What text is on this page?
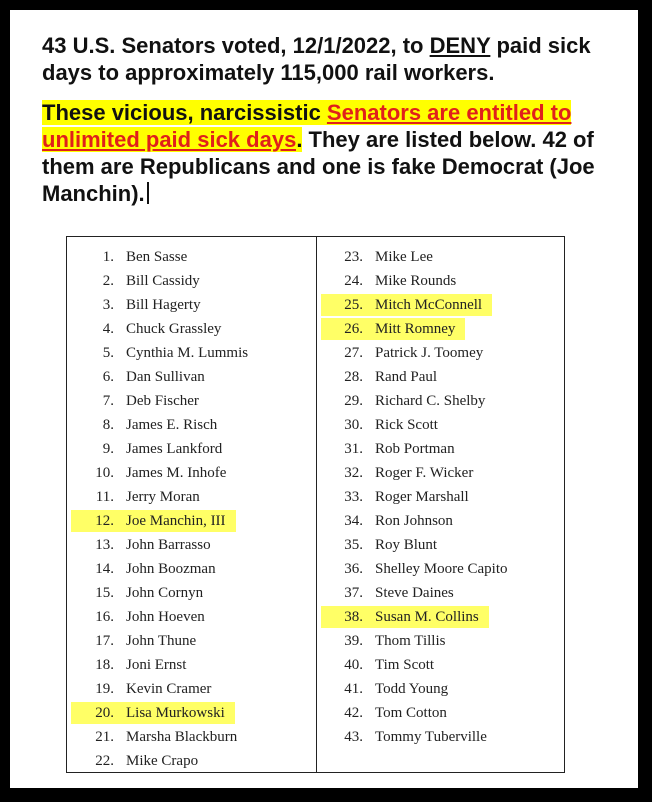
43 U.S. Senators voted, 12/1/2022, to DENY paid sick days to approximately 115,000 rail workers.
These vicious, narcissistic Senators are entitled to unlimited paid sick days. They are listed below. 42 of them are Republicans and one is fake Democrat (Joe Manchin).
1. Ben Sasse
2. Bill Cassidy
3. Bill Hagerty
4. Chuck Grassley
5. Cynthia M. Lummis
6. Dan Sullivan
7. Deb Fischer
8. James E. Risch
9. James Lankford
10. James M. Inhofe
11. Jerry Moran
12. Joe Manchin, III
13. John Barrasso
14. John Boozman
15. John Cornyn
16. John Hoeven
17. John Thune
18. Joni Ernst
19. Kevin Cramer
20. Lisa Murkowski
21. Marsha Blackburn
22. Mike Crapo
23. Mike Lee
24. Mike Rounds
25. Mitch McConnell
26. Mitt Romney
27. Patrick J. Toomey
28. Rand Paul
29. Richard C. Shelby
30. Rick Scott
31. Rob Portman
32. Roger F. Wicker
33. Roger Marshall
34. Ron Johnson
35. Roy Blunt
36. Shelley Moore Capito
37. Steve Daines
38. Susan M. Collins
39. Thom Tillis
40. Tim Scott
41. Todd Young
42. Tom Cotton
43. Tommy Tuberville
